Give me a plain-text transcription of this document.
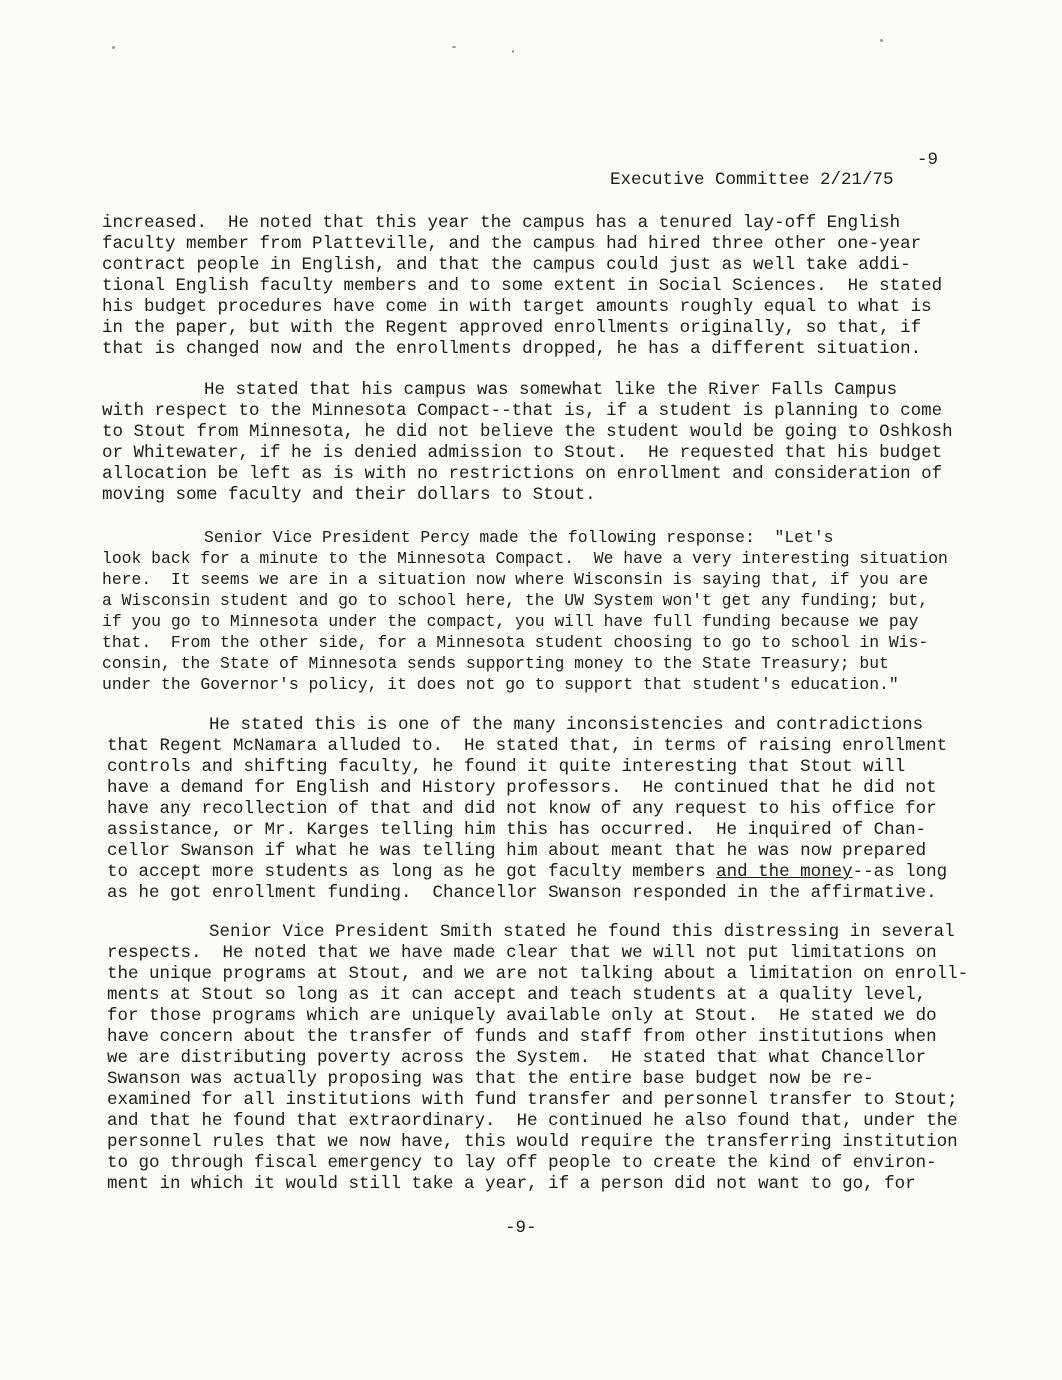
Executive Committee 2/21/75

-9

increased.  He noted that this year the campus has a tenured lay-off English
faculty member from Platteville, and the campus had hired three other one-year
contract people in English, and that the campus could just as well take addi-
tional English faculty members and to some extent in Social Sciences.  He stated
his budget procedures have come in with target amounts roughly equal to what is
in the paper, but with the Regent approved enrollments originally, so that, if
that is changed now and the enrollments dropped, he has a different situation.
He stated that his campus was somewhat like the River Falls Campus
with respect to the Minnesota Compact--that is, if a student is planning to come
to Stout from Minnesota, he did not believe the student would be going to Oshkosh
or Whitewater, if he is denied admission to Stout.  He requested that his budget
allocation be left as is with no restrictions on enrollment and consideration of
moving some faculty and their dollars to Stout.
Senior Vice President Percy made the following response:  "Let's
look back for a minute to the Minnesota Compact.  We have a very interesting situation
here.  It seems we are in a situation now where Wisconsin is saying that, if you are
a Wisconsin student and go to school here, the UW System won't get any funding; but,
if you go to Minnesota under the compact, you will have full funding because we pay
that.  From the other side, for a Minnesota student choosing to go to school in Wis-
consin, the State of Minnesota sends supporting money to the State Treasury; but
under the Governor's policy, it does not go to support that student's education."
He stated this is one of the many inconsistencies and contradictions
that Regent McNamara alluded to.  He stated that, in terms of raising enrollment
controls and shifting faculty, he found it quite interesting that Stout will
have a demand for English and History professors.  He continued that he did not
have any recollection of that and did not know of any request to his office for
assistance, or Mr. Karges telling him this has occurred.  He inquired of Chan-
cellor Swanson if what he was telling him about meant that he was now prepared
to accept more students as long as he got faculty members and the money--as long
as he got enrollment funding.  Chancellor Swanson responded in the affirmative.
Senior Vice President Smith stated he found this distressing in several
respects.  He noted that we have made clear that we will not put limitations on
the unique programs at Stout, and we are not talking about a limitation on enroll-
ments at Stout so long as it can accept and teach students at a quality level,
for those programs which are uniquely available only at Stout.  He stated we do
have concern about the transfer of funds and staff from other institutions when
we are distributing poverty across the System.  He stated that what Chancellor
Swanson was actually proposing was that the entire base budget now be re-
examined for all institutions with fund transfer and personnel transfer to Stout;
and that he found that extraordinary.  He continued he also found that, under the
personnel rules that we now have, this would require the transferring institution
to go through fiscal emergency to lay off people to create the kind of environ-
ment in which it would still take a year, if a person did not want to go, for
-9-
